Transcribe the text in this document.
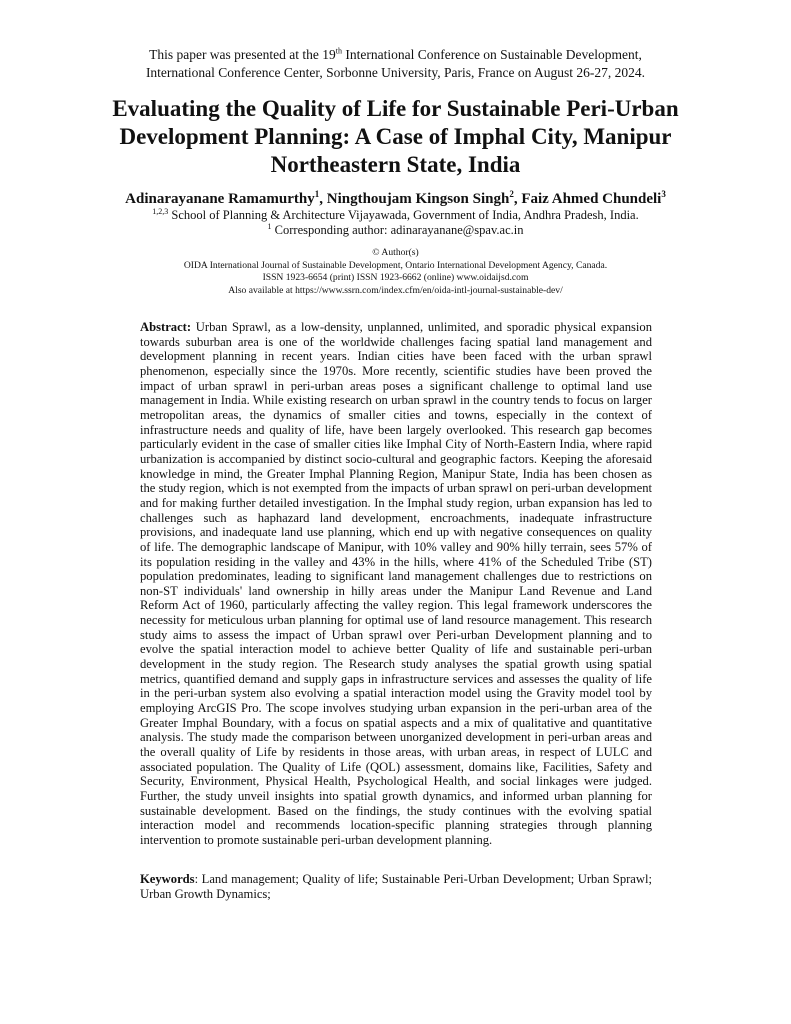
This paper was presented at the 19th International Conference on Sustainable Development,
International Conference Center, Sorbonne University, Paris, France on August 26-27, 2024.
Evaluating the Quality of Life for Sustainable Peri-Urban
Development Planning: A Case of Imphal City, Manipur
Northeastern State, India
Adinarayanane Ramamurthy$^1$, Ningthoujam Kingson Singh$^2$, Faiz Ahmed Chundeli$^3$
$^{1,2,3}$ School of Planning & Architecture Vijayawada, Government of India, Andhra Pradesh, India.
$^1$ Corresponding author: adinarayanane@spav.ac.in
© Author(s)
OIDA International Journal of Sustainable Development, Ontario International Development Agency, Canada.
ISSN 1923-6654 (print) ISSN 1923-6662 (online) www.oidaijsd.com
Also available at https://www.ssrn.com/index.cfm/en/oida-intl-journal-sustainable-dev/

Abstract: Urban Sprawl, as a low-density, unplanned, unlimited, and sporadic physical expansion towards suburban area is one of the worldwide challenges facing spatial land management and development planning in recent years. Indian cities have been faced with the urban sprawl phenomenon, especially since the 1970s. More recently, scientific studies have been proved the impact of urban sprawl in peri-urban areas poses a significant challenge to optimal land use management in India. While existing research on urban sprawl in the country tends to focus on larger metropolitan areas, the dynamics of smaller cities and towns, especially in the context of infrastructure needs and quality of life, have been largely overlooked. This research gap becomes particularly evident in the case of smaller cities like Imphal City of North-Eastern India, where rapid urbanization is accompanied by distinct socio-cultural and geographic factors. Keeping the aforesaid knowledge in mind, the Greater Imphal Planning Region, Manipur State, India has been chosen as the study region, which is not exempted from the impacts of urban sprawl on peri-urban development and for making further detailed investigation. In the Imphal study region, urban expansion has led to challenges such as haphazard land development, encroachments, inadequate infrastructure provisions, and inadequate land use planning, which end up with negative consequences on quality of life. The demographic landscape of Manipur, with 10% valley and 90% hilly terrain, sees 57% of its population residing in the valley and 43% in the hills, where 41% of the Scheduled Tribe (ST) population predominates, leading to significant land management challenges due to restrictions on non-ST individuals' land ownership in hilly areas under the Manipur Land Revenue and Land Reform Act of 1960, particularly affecting the valley region. This legal framework underscores the necessity for meticulous urban planning for optimal use of land resource management. This research study aims to assess the impact of Urban sprawl over Peri-urban Development planning and to evolve the spatial interaction model to achieve better Quality of life and sustainable peri-urban development in the study region. The Research study analyses the spatial growth using spatial metrics, quantified demand and supply gaps in infrastructure services and assesses the quality of life in the peri-urban system also evolving a spatial interaction model using the Gravity model tool by employing ArcGIS Pro. The scope involves studying urban expansion in the peri-urban area of the Greater Imphal Boundary, with a focus on spatial aspects and a mix of qualitative and quantitative analysis. The study made the comparison between unorganized development in peri-urban areas and the overall quality of Life by residents in those areas, with urban areas, in respect of LULC and associated population. The Quality of Life (QOL) assessment, domains like, Facilities, Safety and Security, Environment, Physical Health, Psychological Health, and social linkages were judged. Further, the study unveil insights into spatial growth dynamics, and informed urban planning for sustainable development. Based on the findings, the study continues with the evolving spatial interaction model and recommends location-specific planning strategies through planning intervention to promote sustainable peri-urban development planning.

Keywords: Land management; Quality of life; Sustainable Peri-Urban Development; Urban Sprawl; Urban Growth Dynamics;
